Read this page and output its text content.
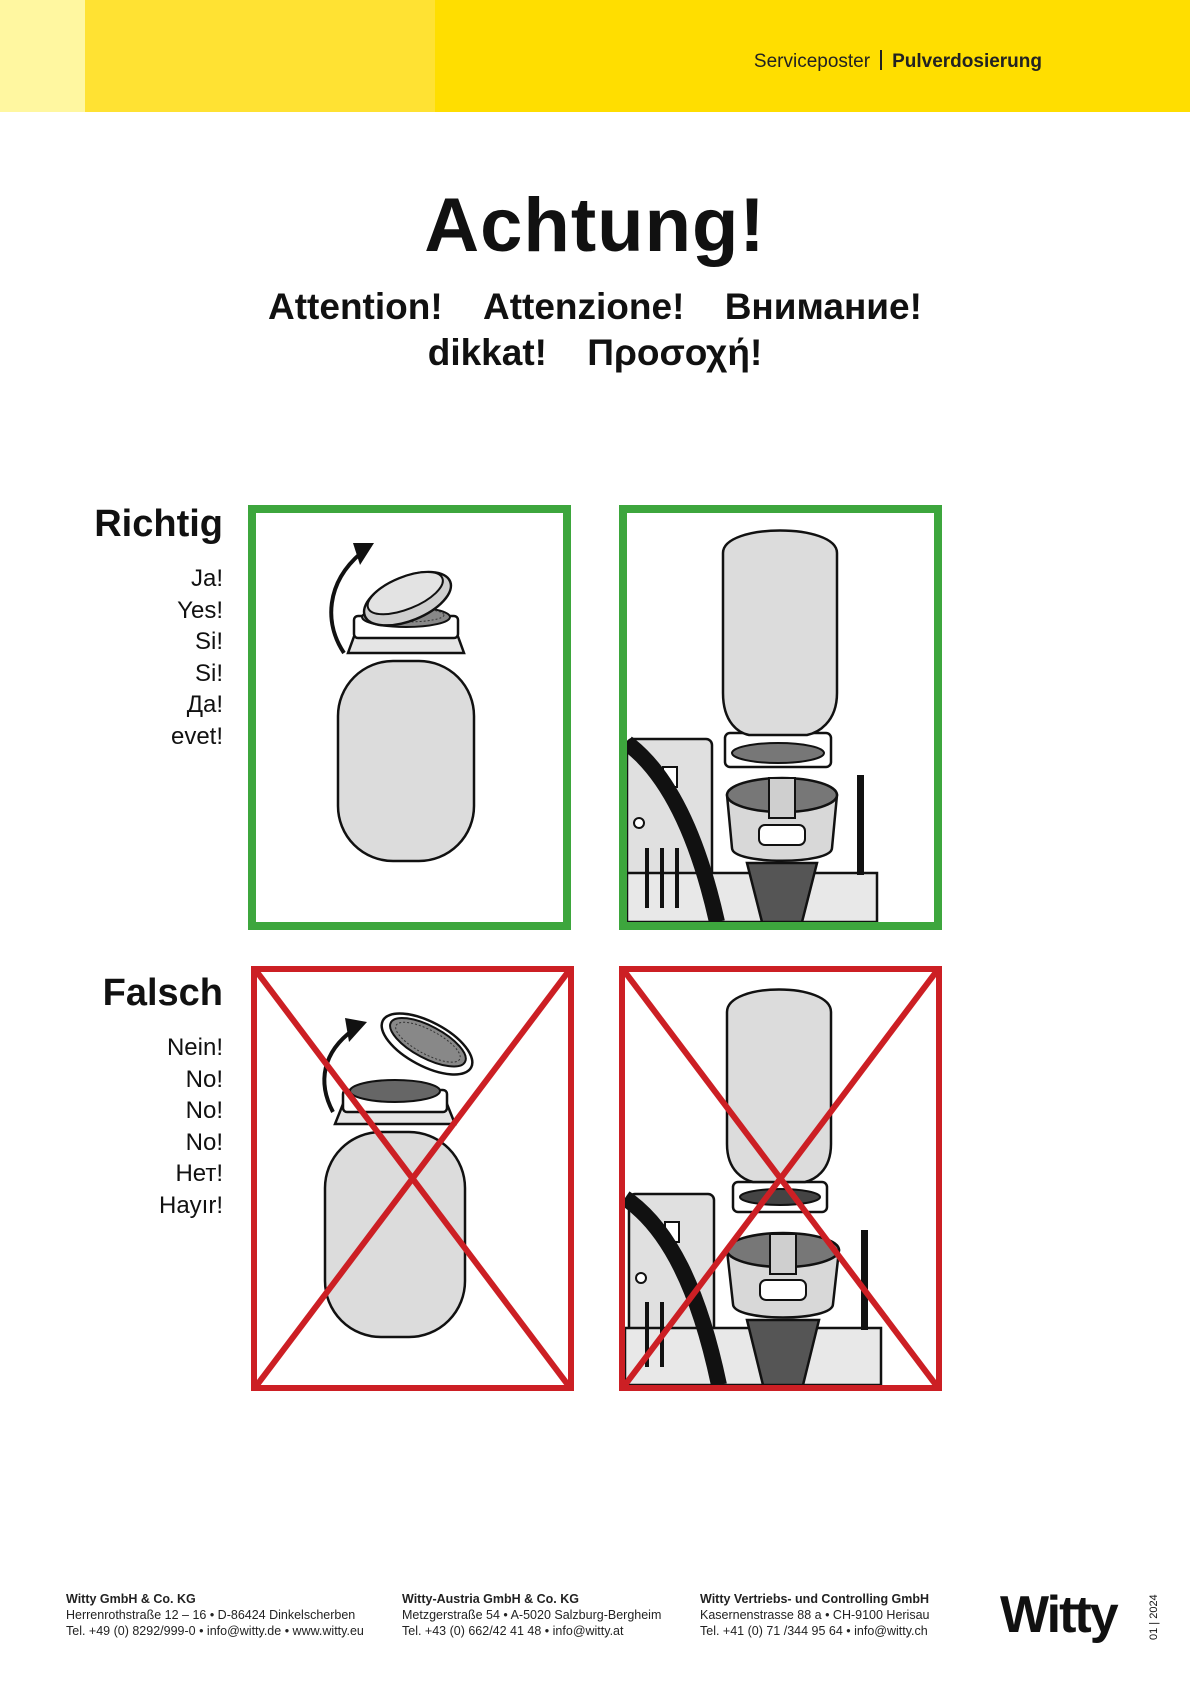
Serviceposter Pulverdosierung
Achtung!
Attention! Attenzione! Внимание!
dikkat! Προσοχή!
Richtig
Ja!
Yes!
Si!
Si!
Да!
evet!
Falsch
Nein!
No!
No!
No!
Нет!
Hayır!
Witty GmbH & Co. KG
Herrenrothstraße 12 – 16 • D-86424 Dinkelscherben
Tel. +49 (0) 8292/999-0 • info@witty.de • www.witty.eu
Witty-Austria GmbH & Co. KG
Metzgerstraße 54 • A-5020 Salzburg-Bergheim
Tel. +43 (0) 662/42 41 48 • info@witty.at
Witty Vertriebs- und Controlling GmbH
Kasernenstrasse 88 a • CH-9100 Herisau
Tel. +41 (0) 71 /344 95 64 • info@witty.ch Witty	01 | 2024
